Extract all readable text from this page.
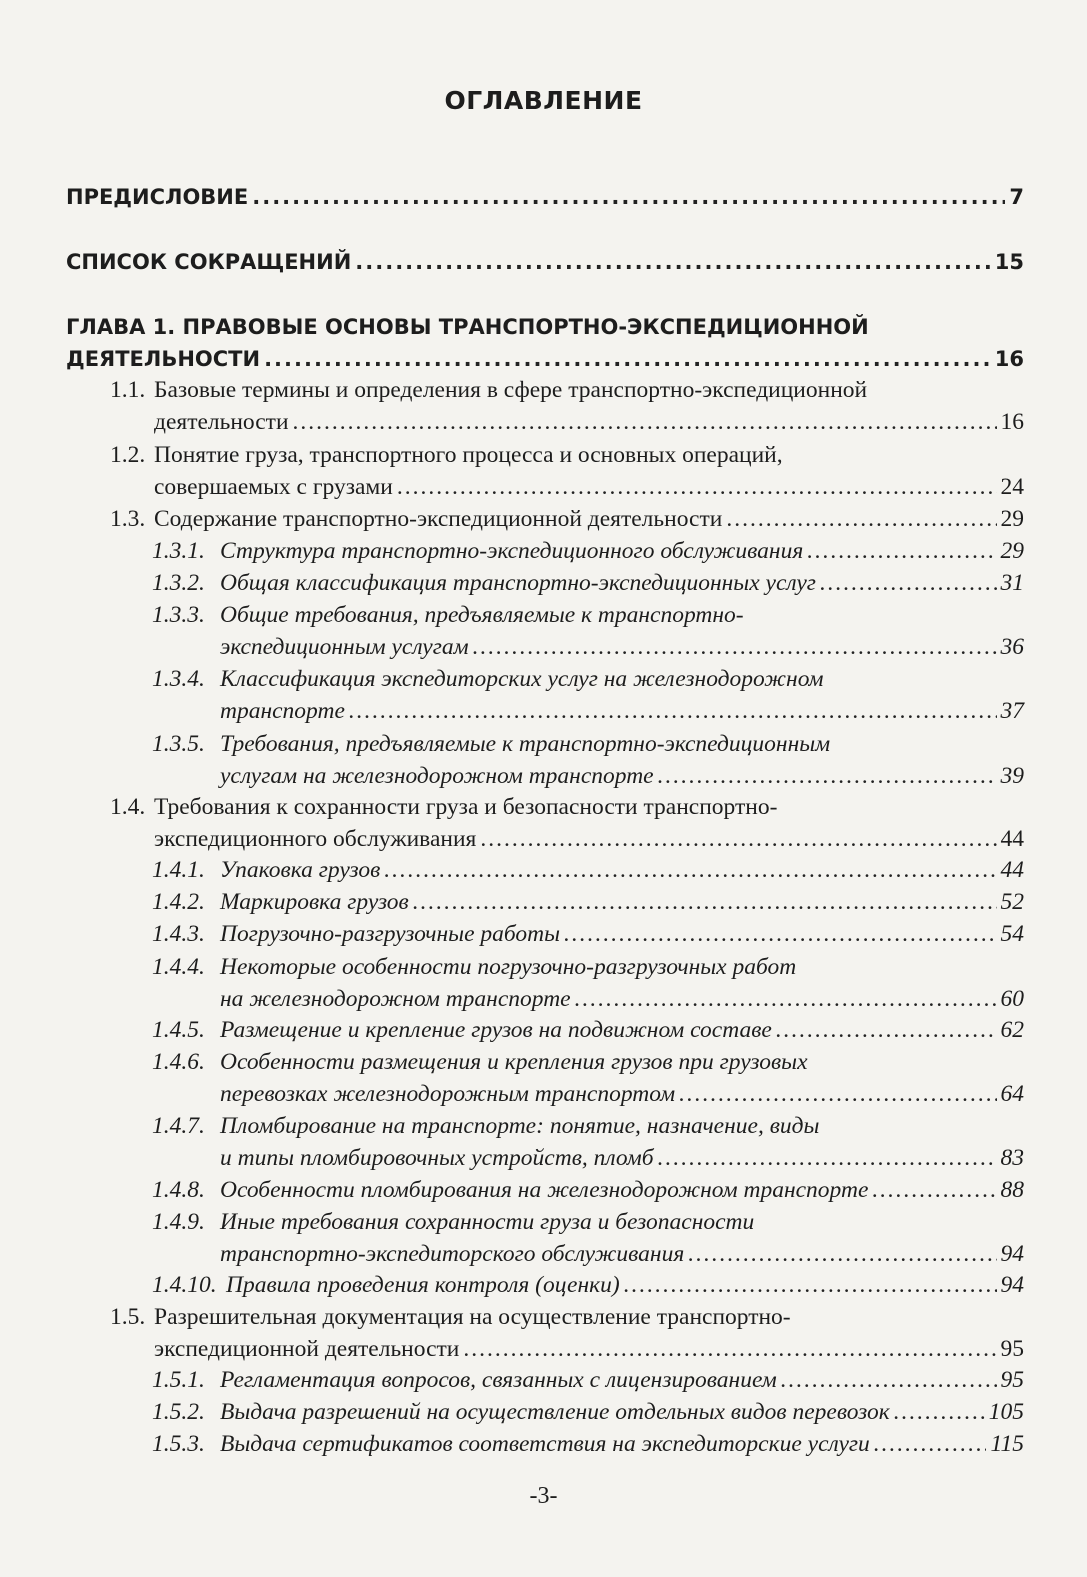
ОГЛАВЛЕНИЕ
ПРЕДИСЛОВИЕ .....	7
СПИСОК СОКРАЩЕНИЙ .....	15
ГЛАВА 1. ПРАВОВЫЕ ОСНОВЫ ТРАНСПОРТНО-ЭКСПЕДИЦИОННОЙ
ДЕЯТЕЛЬНОСТИ .....	16
1.1. Базовые термины и определения в сфере транспортно-экспедиционной
деятельности .....	16
1.2. Понятие груза, транспортного процесса и основных операций,
совершаемых с грузами .....	24
1.3. Содержание транспортно-экспедиционной деятельности .....	29
1.3.1. Структура транспортно-экспедиционного обслуживания .....	29
1.3.2. Общая классификация транспортно-экспедиционных услуг .....	31
1.3.3. Общие требования, предъявляемые к транспортно-
экспедиционным услугам .....	36
1.3.4. Классификация экспедиторских услуг на железнодорожном
транспорте .....	37
1.3.5. Требования, предъявляемые к транспортно-экспедиционным
услугам на железнодорожном транспорте .....	39
1.4. Требования к сохранности груза и безопасности транспортно-
экспедиционного обслуживания .....	44
1.4.1. Упаковка грузов .....	44
1.4.2. Маркировка грузов .....	52
1.4.3. Погрузочно-разгрузочные работы .....	54
1.4.4. Некоторые особенности погрузочно-разгрузочных работ
на железнодорожном транспорте .....	60
1.4.5. Размещение и крепление грузов на подвижном составе .....	62
1.4.6. Особенности размещения и крепления грузов при грузовых
перевозках железнодорожным транспортом .....	64
1.4.7. Пломбирование на транспорте: понятие, назначение, виды
и типы пломбировочных устройств, пломб .....	83
1.4.8. Особенности пломбирования на железнодорожном транспорте .....	88
1.4.9. Иные требования сохранности груза и безопасности
транспортно-экспедиторского обслуживания .....	94
1.4.10. Правила проведения контроля (оценки) .....	94
1.5. Разрешительная документация на осуществление транспортно-
экспедиционной деятельности .....	95
1.5.1. Регламентация вопросов, связанных с лицензированием .....	95
1.5.2. Выдача разрешений на осуществление отдельных видов перевозок .....	105
1.5.3. Выдача сертификатов соответствия на экспедиторские услуги .....	115
-3-
